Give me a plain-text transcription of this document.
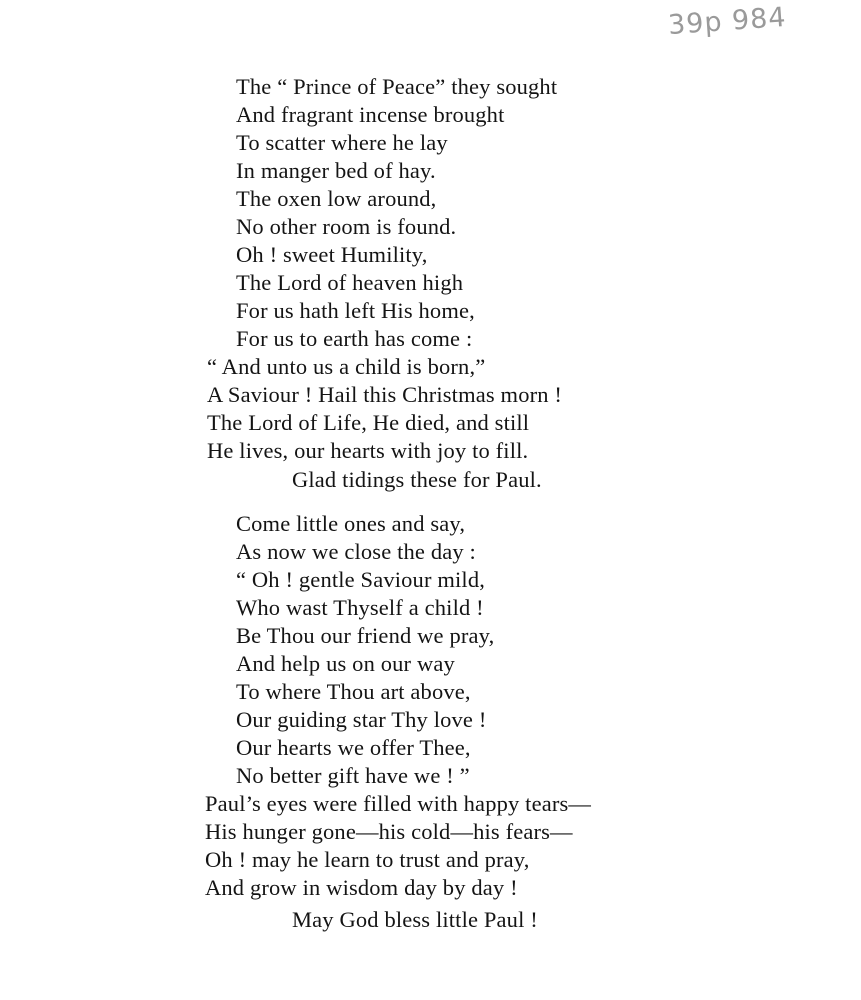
39p 984
The “ Prince of Peace” they sought
And fragrant incense brought
To scatter where he lay
In manger bed of hay.
The oxen low around,
No other room is found.
Oh ! sweet Humility,
The Lord of heaven high
For us hath left His home,
For us to earth has come :
“ And unto us a child is born,”
A Saviour ! Hail this Christmas morn !
The Lord of Life, He died, and still
He lives, our hearts with joy to fill.
Glad tidings these for Paul.
Come little ones and say,
As now we close the day :
“ Oh ! gentle Saviour mild,
Who wast Thyself a child !
Be Thou our friend we pray,
And help us on our way
To where Thou art above,
Our guiding star Thy love !
Our hearts we offer Thee,
No better gift have we ! ”
Paul’s eyes were filled with happy tears—
His hunger gone—his cold—his fears—
Oh ! may he learn to trust and pray,
And grow in wisdom day by day !
May God bless little Paul !
